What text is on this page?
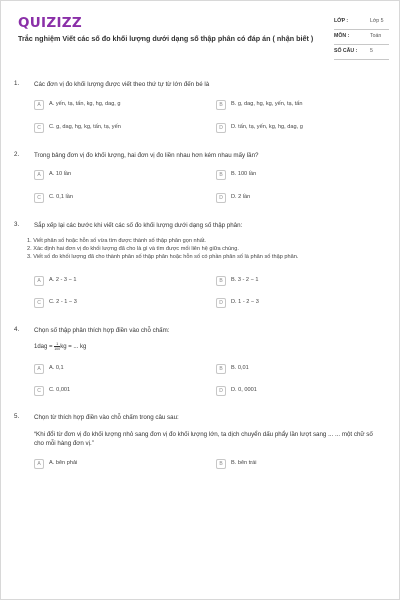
QUIZIZZ
Trắc nghiệm Viết các số đo khối lượng dưới dạng số thập phân có đáp án ( nhận biết )
LỚP :	Lớp 5
MÔN :	Toán
SỐ CÂU : 5
1. Các đơn vị đo khối lượng được viết theo thứ tự từ lớn đến bé là
A	A. yến, tạ, tấn, kg, hg, dag, g	B	B. g, dag, hg, kg, yến, tạ, tấn
C	C. g, dag, hg, kg, tấn, tạ, yến	D	D. tấn, tạ, yến, kg, hg, dag, g
2. Trong bảng đơn vị đo khối lượng, hai đơn vị đo liền nhau hơn kém nhau mấy lần?
A	A. 10 lần	B	B. 100 lần
C	C. 0,1 lần	D	D. 2 lần
3. Sắp xếp lại các bước khi viết các số đo khối lượng dưới dạng số thập phân:
1. Viết phân số hoặc hỗn số vừa tìm được thành số thập phân gọn nhất.
2. Xác định hai đơn vị đo khối lượng đã cho là gì và tìm được mối liên hệ giữa chúng.
3. Viết số đo khối lượng đã cho thành phân số thập phân hoặc hỗn số có phần phân số là phân số thập phân.
A	A. 2 - 3 − 1	B	B. 3 - 2 − 1
C	C. 2 - 1 − 3	D	D. 1 - 2 − 3
4. Chọn số thập phân thích hợp điền vào chỗ chấm:
$1dag = \frac{1}{100}$ kg = ... kg
A	A. 0,1	B	B. 0,01
C	C. 0,001	D	D. 0, 0001
5. Chọn từ thích hợp điền vào chỗ chấm trong câu sau:
“Khi đổi từ đơn vị đo khối lượng nhỏ sang đơn vị đo khối lượng lớn, ta dịch chuyển dấu phẩy lần lượt sang ... ... một chữ số cho mỗi hàng đơn vị.”
A	A. bên phải	B	B. bên trái
